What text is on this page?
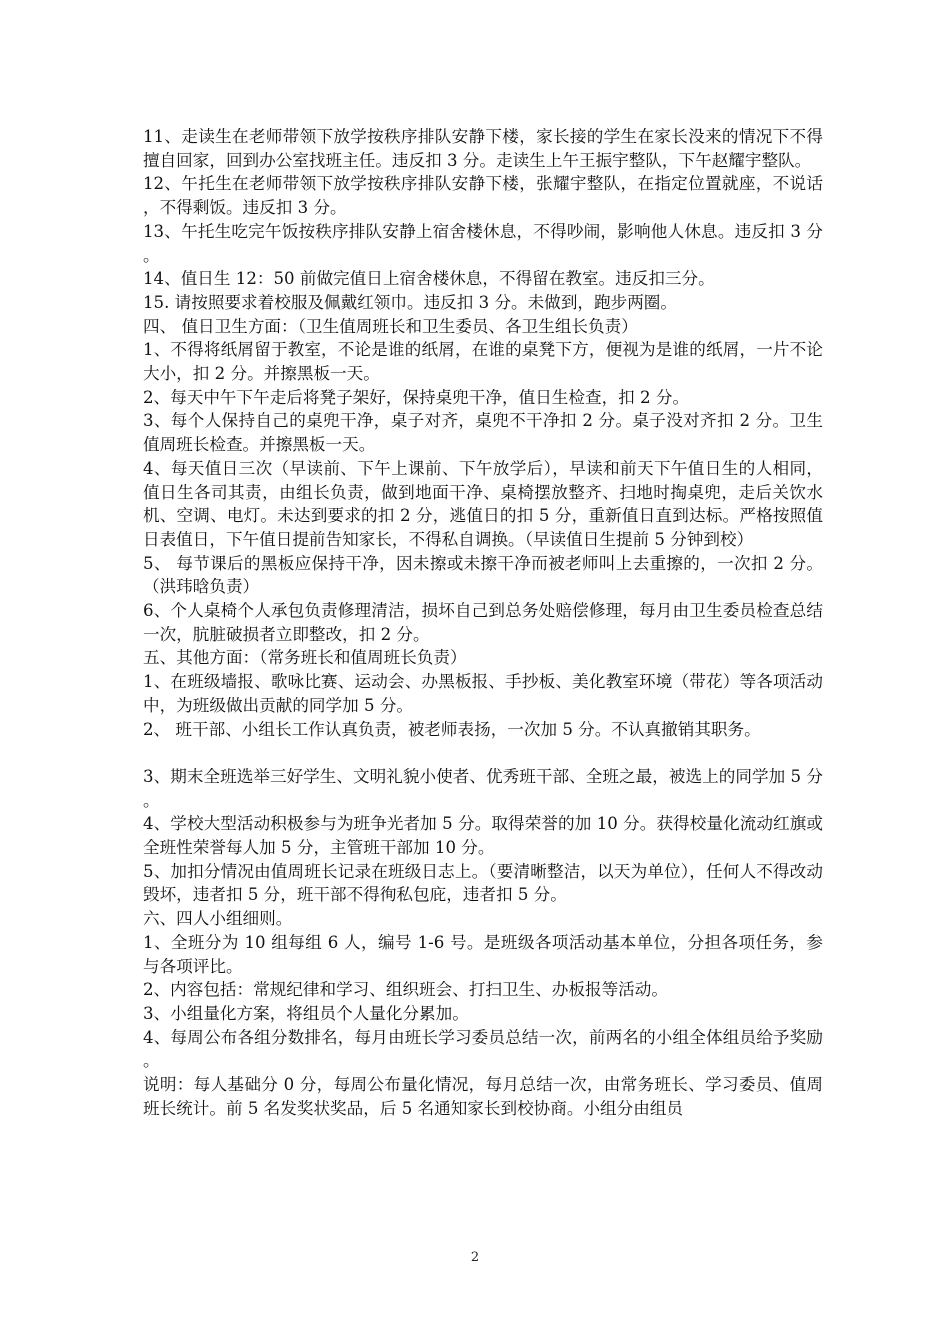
11、走读生在老师带领下放学按秩序排队安静下楼，家长接的学生在家长没来的情况下不得擅自回家，回到办公室找班主任。违反扣 3 分。走读生上午王振宇整队，下午赵耀宇整队。

12、午托生在老师带领下放学按秩序排队安静下楼，张耀宇整队，在指定位置就座，不说话，不得剩饭。违反扣 3 分。

13、午托生吃完午饭按秩序排队安静上宿舍楼休息，不得吵闹，影响他人休息。违反扣 3 分。

14、值日生 12：50 前做完值日上宿舍楼休息，不得留在教室。违反扣三分。

15. 请按照要求着校服及佩戴红领巾。违反扣 3 分。未做到，跑步两圈。

四、 值日卫生方面：（卫生值周班长和卫生委员、各卫生组长负责）

1、不得将纸屑留于教室，不论是谁的纸屑，在谁的桌凳下方，便视为是谁的纸屑，一片不论大小，扣 2 分。并擦黑板一天。

2、每天中午下午走后将凳子架好，保持桌兜干净，值日生检查，扣 2 分。

3、每个人保持自己的桌兜干净，桌子对齐，桌兜不干净扣 2 分。桌子没对齐扣 2 分。卫生值周班长检查。并擦黑板一天。

4、每天值日三次（早读前、下午上课前、下午放学后），早读和前天下午值日生的人相同，值日生各司其责，由组长负责，做到地面干净、桌椅摆放整齐、扫地时掏桌兜，走后关饮水机、空调、电灯。未达到要求的扣 2 分，逃值日的扣 5 分，重新值日直到达标。严格按照值日表值日，下午值日提前告知家长，不得私自调换。（早读值日生提前 5 分钟到校）

5、 每节课后的黑板应保持干净，因未擦或未擦干净而被老师叫上去重擦的，一次扣 2 分。 （洪玮晗负责）

6、个人桌椅个人承包负责修理清洁，损坏自己到总务处赔偿修理，每月由卫生委员检查总结一次，肮脏破损者立即整改，扣 2 分。

五、其他方面：（常务班长和值周班长负责）

1、在班级墙报、歌咏比赛、运动会、办黑板报、手抄板、美化教室环境（带花）等各项活动中，为班级做出贡献的同学加 5 分。

2、 班干部、小组长工作认真负责，被老师表扬，一次加 5 分。不认真撤销其职务。

3、期末全班选举三好学生、文明礼貌小使者、优秀班干部、全班之最，被选上的同学加 5 分。

4、学校大型活动积极参与为班争光者加 5 分。取得荣誉的加 10 分。获得校量化流动红旗或全班性荣誉每人加 5 分，主管班干部加 10 分。

5、加扣分情况由值周班长记录在班级日志上。（要清晰整洁，以天为单位），任何人不得改动毁坏，违者扣 5 分，班干部不得徇私包庇，违者扣 5 分。

六、四人小组细则。

1、全班分为 10 组每组 6 人，编号 1-6 号。是班级各项活动基本单位，分担各项任务，参与各项评比。

2、内容包括：常规纪律和学习、组织班会、打扫卫生、办板报等活动。

3、小组量化方案，将组员个人量化分累加。

4、每周公布各组分数排名，每月由班长学习委员总结一次，前两名的小组全体组员给予奖励。

说明：每人基础分 0 分，每周公布量化情况，每月总结一次，由常务班长、学习委员、值周班长统计。前 5 名发奖状奖品，后 5 名通知家长到校协商。小组分由组员

2
